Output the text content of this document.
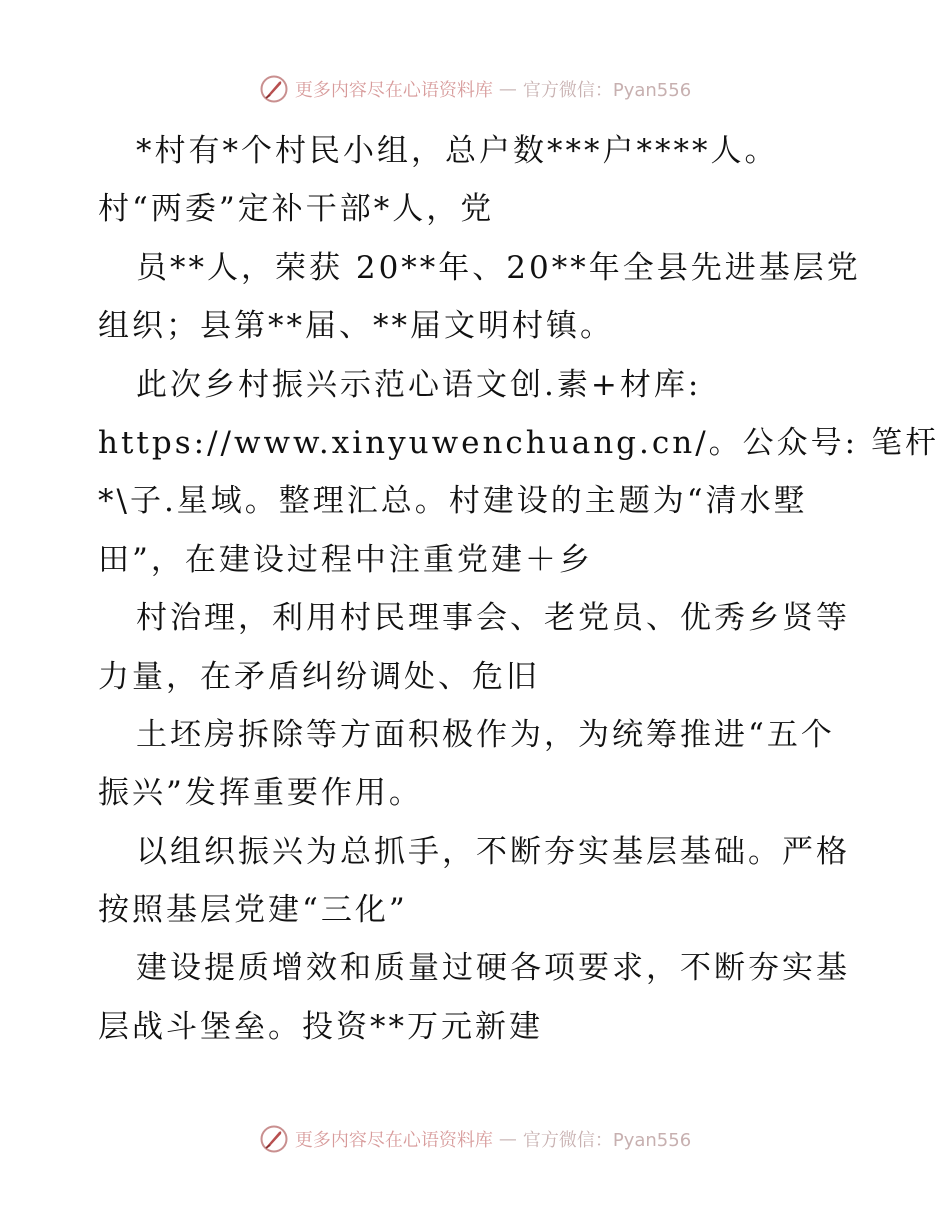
更多内容尽在心语资料库 — 官方微信：Pyan556
*村有*个村民小组，总户数***户****人。
村“两委”定补干部*人，党
员**人，荣获 20**年、20**年全县先进基层党
组织；县第**届、**届文明村镇。
此次乡村振兴示范心语文创.素+材库:
https://www.xinyuwenchuang.cn/。公众号: 笔杆
*\子.星域。整理汇总。村建设的主题为“清水墅
田”，在建设过程中注重党建＋乡
村治理，利用村民理事会、老党员、优秀乡贤等
力量，在矛盾纠纷调处、危旧
土坯房拆除等方面积极作为，为统筹推进“五个
振兴”发挥重要作用。
以组织振兴为总抓手，不断夯实基层基础。严格
按照基层党建“三化”
建设提质增效和质量过硬各项要求，不断夯实基
层战斗堡垒。投资**万元新建
更多内容尽在心语资料库 — 官方微信：Pyan556
